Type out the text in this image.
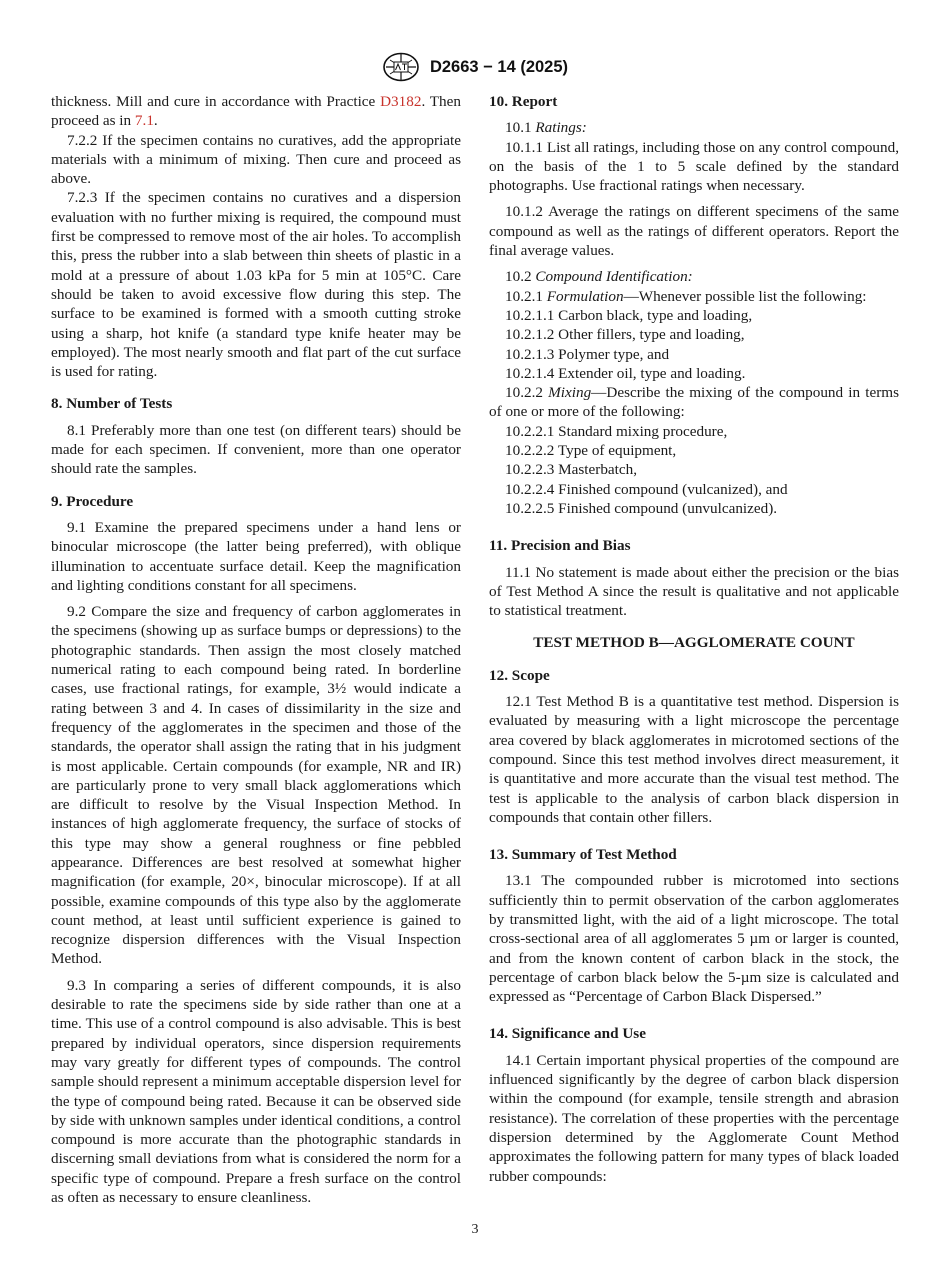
D2663 − 14 (2025)

thickness. Mill and cure in accordance with Practice D3182. Then proceed as in 7.1.

7.2.2 If the specimen contains no curatives, add the appropriate materials with a minimum of mixing. Then cure and proceed as above.

7.2.3 If the specimen contains no curatives and a dispersion evaluation with no further mixing is required, the compound must first be compressed to remove most of the air holes. To accomplish this, press the rubber into a slab between thin sheets of plastic in a mold at a pressure of about 1.03 kPa for 5 min at 105°C. Care should be taken to avoid excessive flow during this step. The surface to be examined is formed with a smooth cutting stroke using a sharp, hot knife (a standard type knife heater may be employed). The most nearly smooth and flat part of the cut surface is used for rating.

8. Number of Tests

8.1 Preferably more than one test (on different tears) should be made for each specimen. If convenient, more than one operator should rate the samples.

9. Procedure

9.1 Examine the prepared specimens under a hand lens or binocular microscope (the latter being preferred), with oblique illumination to accentuate surface detail. Keep the magnification and lighting conditions constant for all specimens.

9.2 Compare the size and frequency of carbon agglomerates in the specimens (showing up as surface bumps or depressions) to the photographic standards. Then assign the most closely matched numerical rating to each compound being rated. In borderline cases, use fractional ratings, for example, 3½ would indicate a rating between 3 and 4. In cases of dissimilarity in the size and frequency of the agglomerates in the specimen and those of the standards, the operator shall assign the rating that in his judgment is most applicable. Certain compounds (for example, NR and IR) are particularly prone to very small black agglomerations which are difficult to resolve by the Visual Inspection Method. In instances of high agglomerate frequency, the surface of stocks of this type may show a general roughness or fine pebbled appearance. Differences are best resolved at somewhat higher magnification (for example, 20×, binocular microscope). If at all possible, examine compounds of this type also by the agglomerate count method, at least until sufficient experience is gained to recognize dispersion differences with the Visual Inspection Method.

9.3 In comparing a series of different compounds, it is also desirable to rate the specimens side by side rather than one at a time. This use of a control compound is also advisable. This is best prepared by individual operators, since dispersion requirements may vary greatly for different types of compounds. The control sample should represent a minimum acceptable dispersion level for the type of compound being rated. Because it can be observed side by side with unknown samples under identical conditions, a control compound is more accurate than the photographic standards in discerning small deviations from what is considered the norm for a specific type of compound. Prepare a fresh surface on the control as often as necessary to ensure cleanliness.

10. Report

10.1 Ratings:

10.1.1 List all ratings, including those on any control compound, on the basis of the 1 to 5 scale defined by the standard photographs. Use fractional ratings when necessary.

10.1.2 Average the ratings on different specimens of the same compound as well as the ratings of different operators. Report the final average values.

10.2 Compound Identification:

10.2.1 Formulation—Whenever possible list the following:

10.2.1.1 Carbon black, type and loading,

10.2.1.2 Other fillers, type and loading,

10.2.1.3 Polymer type, and

10.2.1.4 Extender oil, type and loading.

10.2.2 Mixing—Describe the mixing of the compound in terms of one or more of the following:

10.2.2.1 Standard mixing procedure,

10.2.2.2 Type of equipment,

10.2.2.3 Masterbatch,

10.2.2.4 Finished compound (vulcanized), and

10.2.2.5 Finished compound (unvulcanized).

11. Precision and Bias

11.1 No statement is made about either the precision or the bias of Test Method A since the result is qualitative and not applicable to statistical treatment.

TEST METHOD B—AGGLOMERATE COUNT

12. Scope

12.1 Test Method B is a quantitative test method. Dispersion is evaluated by measuring with a light microscope the percentage area covered by black agglomerates in microtomed sections of the compound. Since this test method involves direct measurement, it is quantitative and more accurate than the visual test method. The test is applicable to the analysis of carbon black dispersion in compounds that contain other fillers.

13. Summary of Test Method

13.1 The compounded rubber is microtomed into sections sufficiently thin to permit observation of the carbon agglomerates by transmitted light, with the aid of a light microscope. The total cross-sectional area of all agglomerates 5 µm or larger is counted, and from the known content of carbon black in the stock, the percentage of carbon black below the 5-µm size is calculated and expressed as “Percentage of Carbon Black Dispersed.”

14. Significance and Use

14.1 Certain important physical properties of the compound are influenced significantly by the degree of carbon black dispersion within the compound (for example, tensile strength and abrasion resistance). The correlation of these properties with the percentage dispersion determined by the Agglomerate Count Method approximates the following pattern for many types of black loaded rubber compounds:

3
